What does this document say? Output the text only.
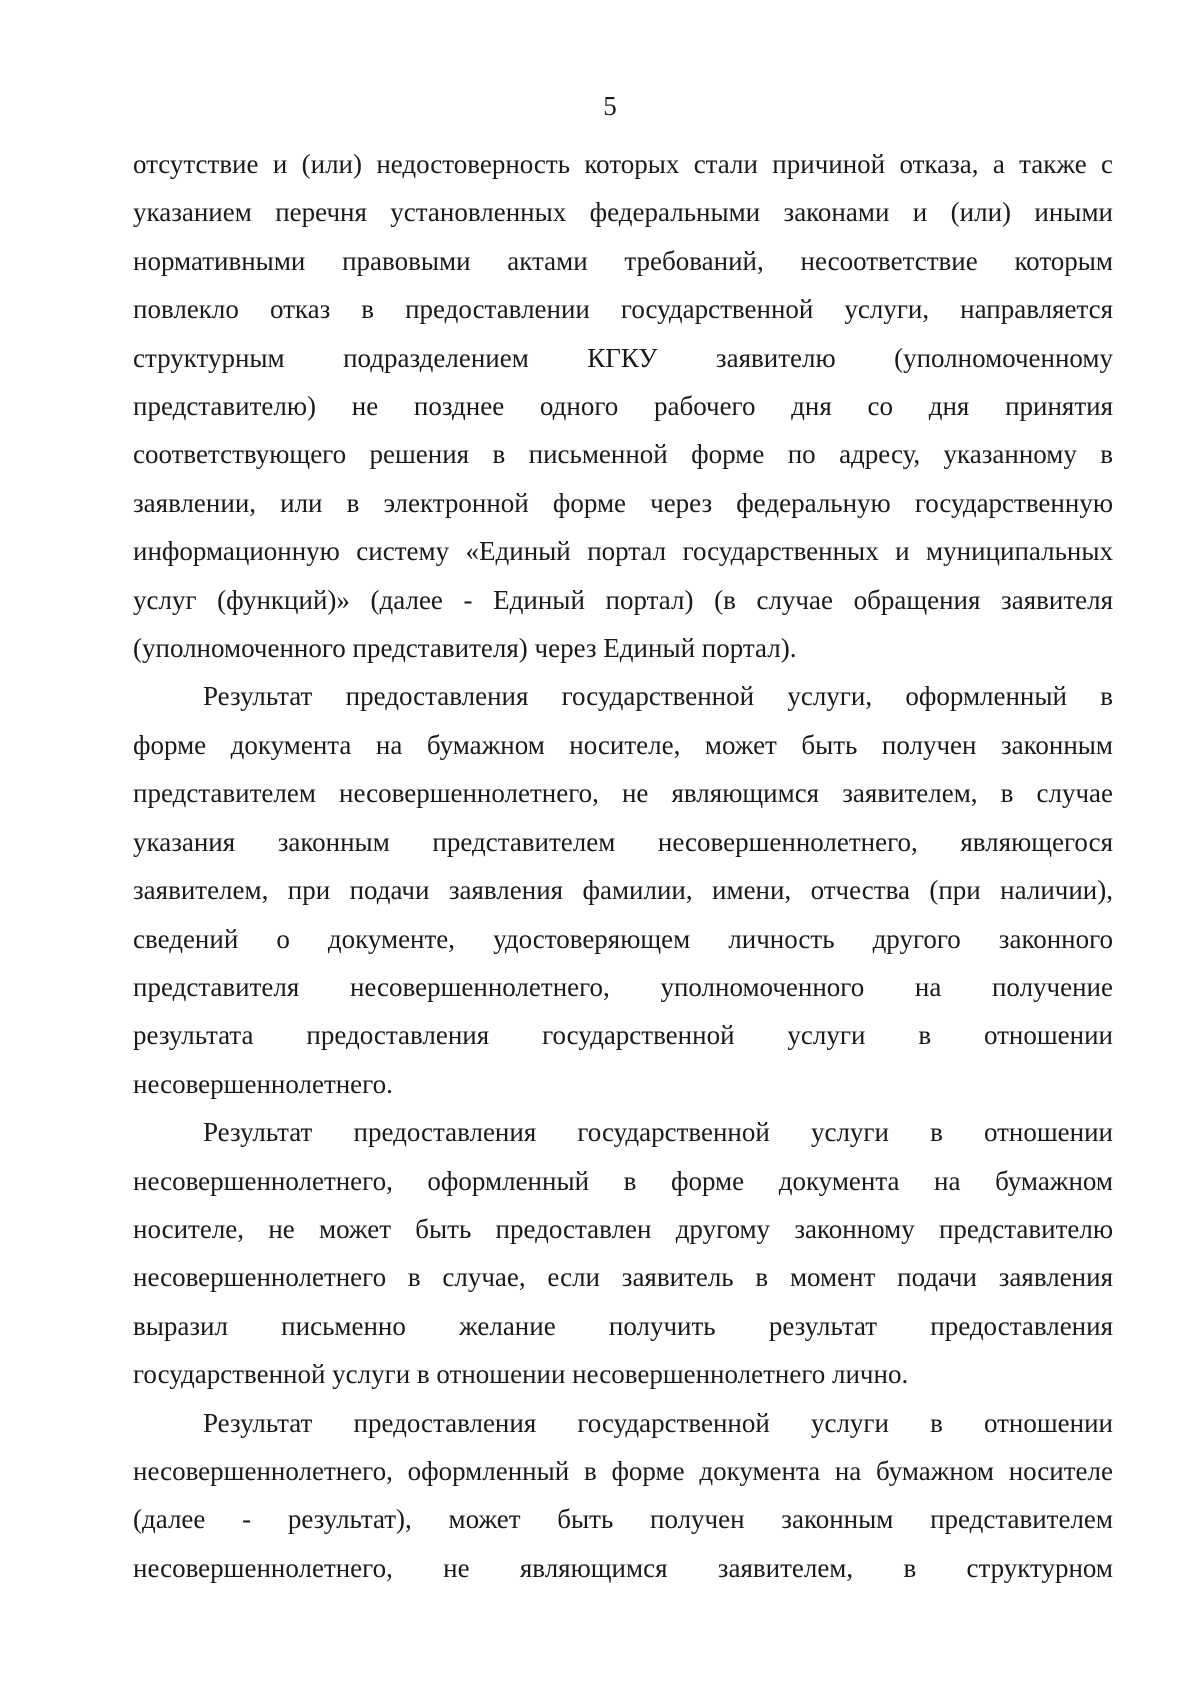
5

отсутствие и (или) недостоверность которых стали причиной отказа, а также с
указанием перечня установленных федеральными законами и (или) иными
нормативными правовыми актами требований, несоответствие которым
повлекло отказ в предоставлении государственной услуги, направляется
структурным подразделением КГКУ заявителю (уполномоченному
представителю) не позднее одного рабочего дня со дня принятия
соответствующего решения в письменной форме по адресу, указанному в
заявлении, или в электронной форме через федеральную государственную
информационную систему «Единый портал государственных и муниципальных
услуг (функций)» (далее - Единый портал) (в случае обращения заявителя
(уполномоченного представителя) через Единый портал).

Результат предоставления государственной услуги, оформленный в
форме документа на бумажном носителе, может быть получен законным
представителем несовершеннолетнего, не являющимся заявителем, в случае
указания законным представителем несовершеннолетнего, являющегося
заявителем, при подачи заявления фамилии, имени, отчества (при наличии),
сведений о документе, удостоверяющем личность другого законного
представителя несовершеннолетнего, уполномоченного на получение
результата предоставления государственной услуги в отношении
несовершеннолетнего.

Результат предоставления государственной услуги в отношении
несовершеннолетнего, оформленный в форме документа на бумажном
носителе, не может быть предоставлен другому законному представителю
несовершеннолетнего в случае, если заявитель в момент подачи заявления
выразил письменно желание получить результат предоставления
государственной услуги в отношении несовершеннолетнего лично.

Результат предоставления государственной услуги в отношении
несовершеннолетнего, оформленный в форме документа на бумажном носителе
(далее - результат), может быть получен законным представителем
несовершеннолетнего, не являющимся заявителем, в структурном
